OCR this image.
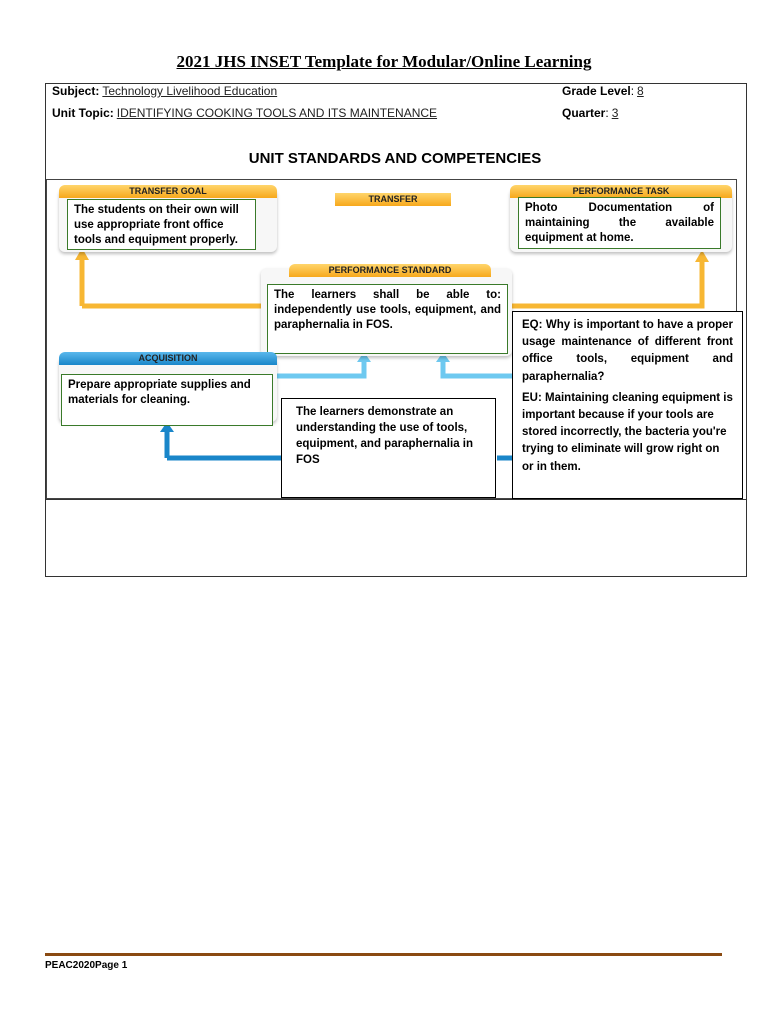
2021 JHS INSET Template for Modular/Online Learning
Subject: Technology Livelihood Education	Grade Level: 8
Unit Topic: IDENTIFYING COOKING TOOLS AND ITS MAINTENANCE	Quarter: 3
UNIT STANDARDS AND COMPETENCIES
TRANSFER GOAL
The students on their own will use appropriate front office tools and equipment properly.
TRANSFER
PERFORMANCE TASK
Photo Documentation of maintaining the available equipment at home.
PERFORMANCE STANDARD
The learners shall be able to: independently use tools, equipment, and paraphernalia in FOS.
ACQUISITION
Prepare appropriate supplies and materials for cleaning.
The learners demonstrate an understanding the use of tools, equipment, and paraphernalia in FOS
EQ: Why is important to have a proper usage maintenance of different front office tools, equipment and paraphernalia?
EU: Maintaining cleaning equipment is important because if your tools are stored incorrectly, the bacteria you're trying to eliminate will grow right on or in them.
PEAC2020Page 1
